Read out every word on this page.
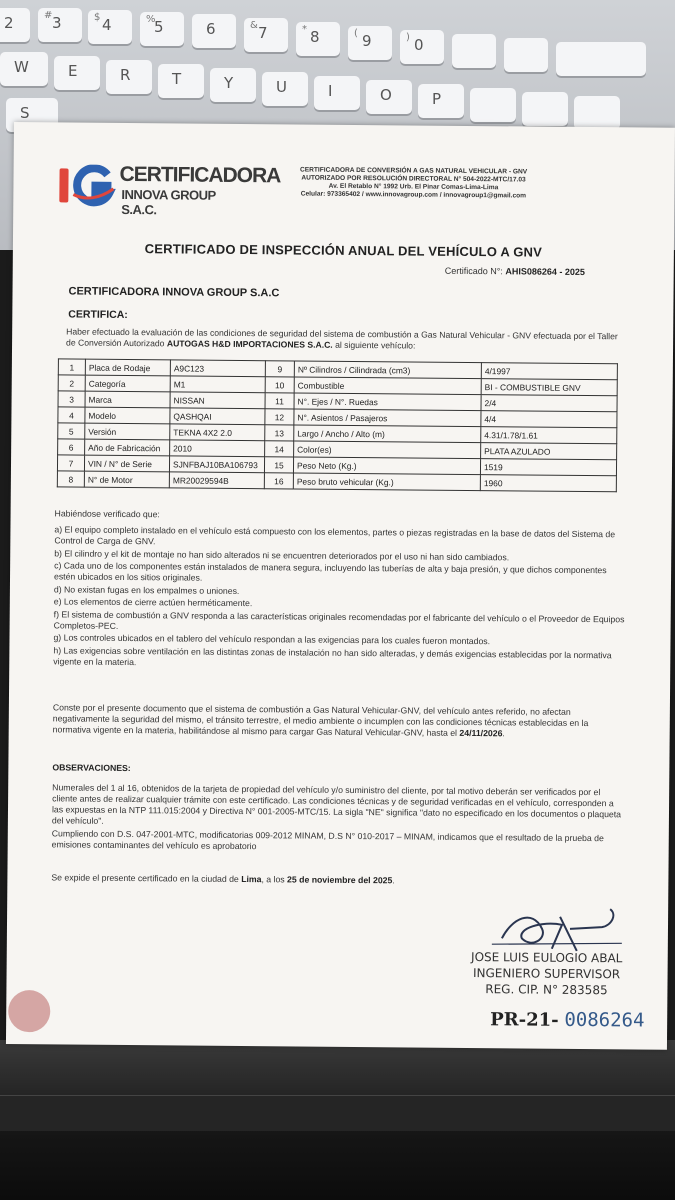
2	# 3	$ 4	%
5	6	& 7	* 8	( 9	) 0
W	E	R	T	Y	U	I	O	P
S
CERTIFICADORA
INNOVA GROUP S.A.C.
CERTIFICADORA DE CONVERSIÓN A GAS NATURAL VEHICULAR - GNV
AUTORIZADO POR RESOLUCIÓN DIRECTORAL N° 504-2022-MTC/17.03
Av. El Retablo N° 1992 Urb. El Pinar Comas-Lima-Lima
Celular: 973365402 / www.innovagroup.com / innovagroup1@gmail.com
CERTIFICADO DE INSPECCIÓN ANUAL DEL VEHÍCULO A GNV
Certificado N°: AHIS086264 - 2025
CERTIFICADORA INNOVA GROUP S.A.C
CERTIFICA:
Haber efectuado la evaluación de las condiciones de seguridad del sistema de combustión a Gas Natural Vehicular - GNV efectuada por el Taller de Conversión Autorizado AUTOGAS H&D IMPORTACIONES S.A.C. al siguiente vehículo:
1	Placa de Rodaje	A9C123	9	Nº Cilindros / Cilindrada (cm3)	4/1997
2	Categoría	M1	10	Combustible	BI - COMBUSTIBLE GNV
3	Marca	NISSAN	11	N°. Ejes / N°. Ruedas	2/4
4	Modelo	QASHQAI	12	N°. Asientos / Pasajeros	4/4
5	Versión	TEKNA 4X2 2.0	13	Largo / Ancho / Alto (m)	4.31/1.78/1.61
6	Año de Fabricación	2010	14	Color(es)	PLATA AZULADO
7	VIN / N° de Serie	SJNFBAJ10BA106793	15	Peso Neto (Kg.)	1519
8	N° de Motor	MR20029594B	16	Peso bruto vehicular (Kg.)	1960

Habiéndose verificado que:

a) El equipo completo instalado en el vehículo está compuesto con los elementos, partes o piezas registradas en la base de datos del Sistema de Control de Carga de GNV.

b) El cilindro y el kit de montaje no han sido alterados ni se encuentren deteriorados por el uso ni han sido cambiados.

c) Cada uno de los componentes están instalados de manera segura, incluyendo las tuberías de alta y baja presión, y que dichos componentes estén ubicados en los sitios originales.

d) No existan fugas en los empalmes o uniones.

e) Los elementos de cierre actúen herméticamente.

f) El sistema de combustión a GNV responda a las características originales recomendadas por el fabricante del vehículo o el Proveedor de Equipos Completos-PEC.

g) Los controles ubicados en el tablero del vehículo respondan a las exigencias para los cuales fueron montados.

h) Las exigencias sobre ventilación en las distintas zonas de instalación no han sido alteradas, y demás exigencias establecidas por la normativa vigente en la materia.

Conste por el presente documento que el sistema de combustión a Gas Natural Vehicular-GNV, del vehículo antes referido, no afectan negativamente la seguridad del mismo, el tránsito terrestre, el medio ambiente o incumplen con las condiciones técnicas establecidas en la normativa vigente en la materia, habilitándose al mismo para cargar Gas Natural Vehicular-GNV, hasta el 24/11/2026.
OBSERVACIONES:

Numerales del 1 al 16, obtenidos de la tarjeta de propiedad del vehículo y/o suministro del cliente, por tal motivo deberán ser verificados por el cliente antes de realizar cualquier trámite con este certificado. Las condiciones técnicas y de seguridad verificadas en el vehículo, corresponden a las expuestas en la NTP 111.015:2004 y Directiva N° 001-2005-MTC/15. La sigla "NE" significa "dato no especificado en los documentos o plaqueta del vehículo".

Cumpliendo con D.S. 047-2001-MTC, modificatorias 009-2012 MINAM, D.S N° 010-2017 – MINAM, indicamos que el resultado de la prueba de emisiones contaminantes del vehículo es aprobatorio

Se expide el presente certificado en la ciudad de Lima, a los 25 de noviembre del 2025.
JOSE LUIS EULOGIO ABAL
INGENIERO SUPERVISOR
REG. CIP. N° 283585
PR-21- 0086264
